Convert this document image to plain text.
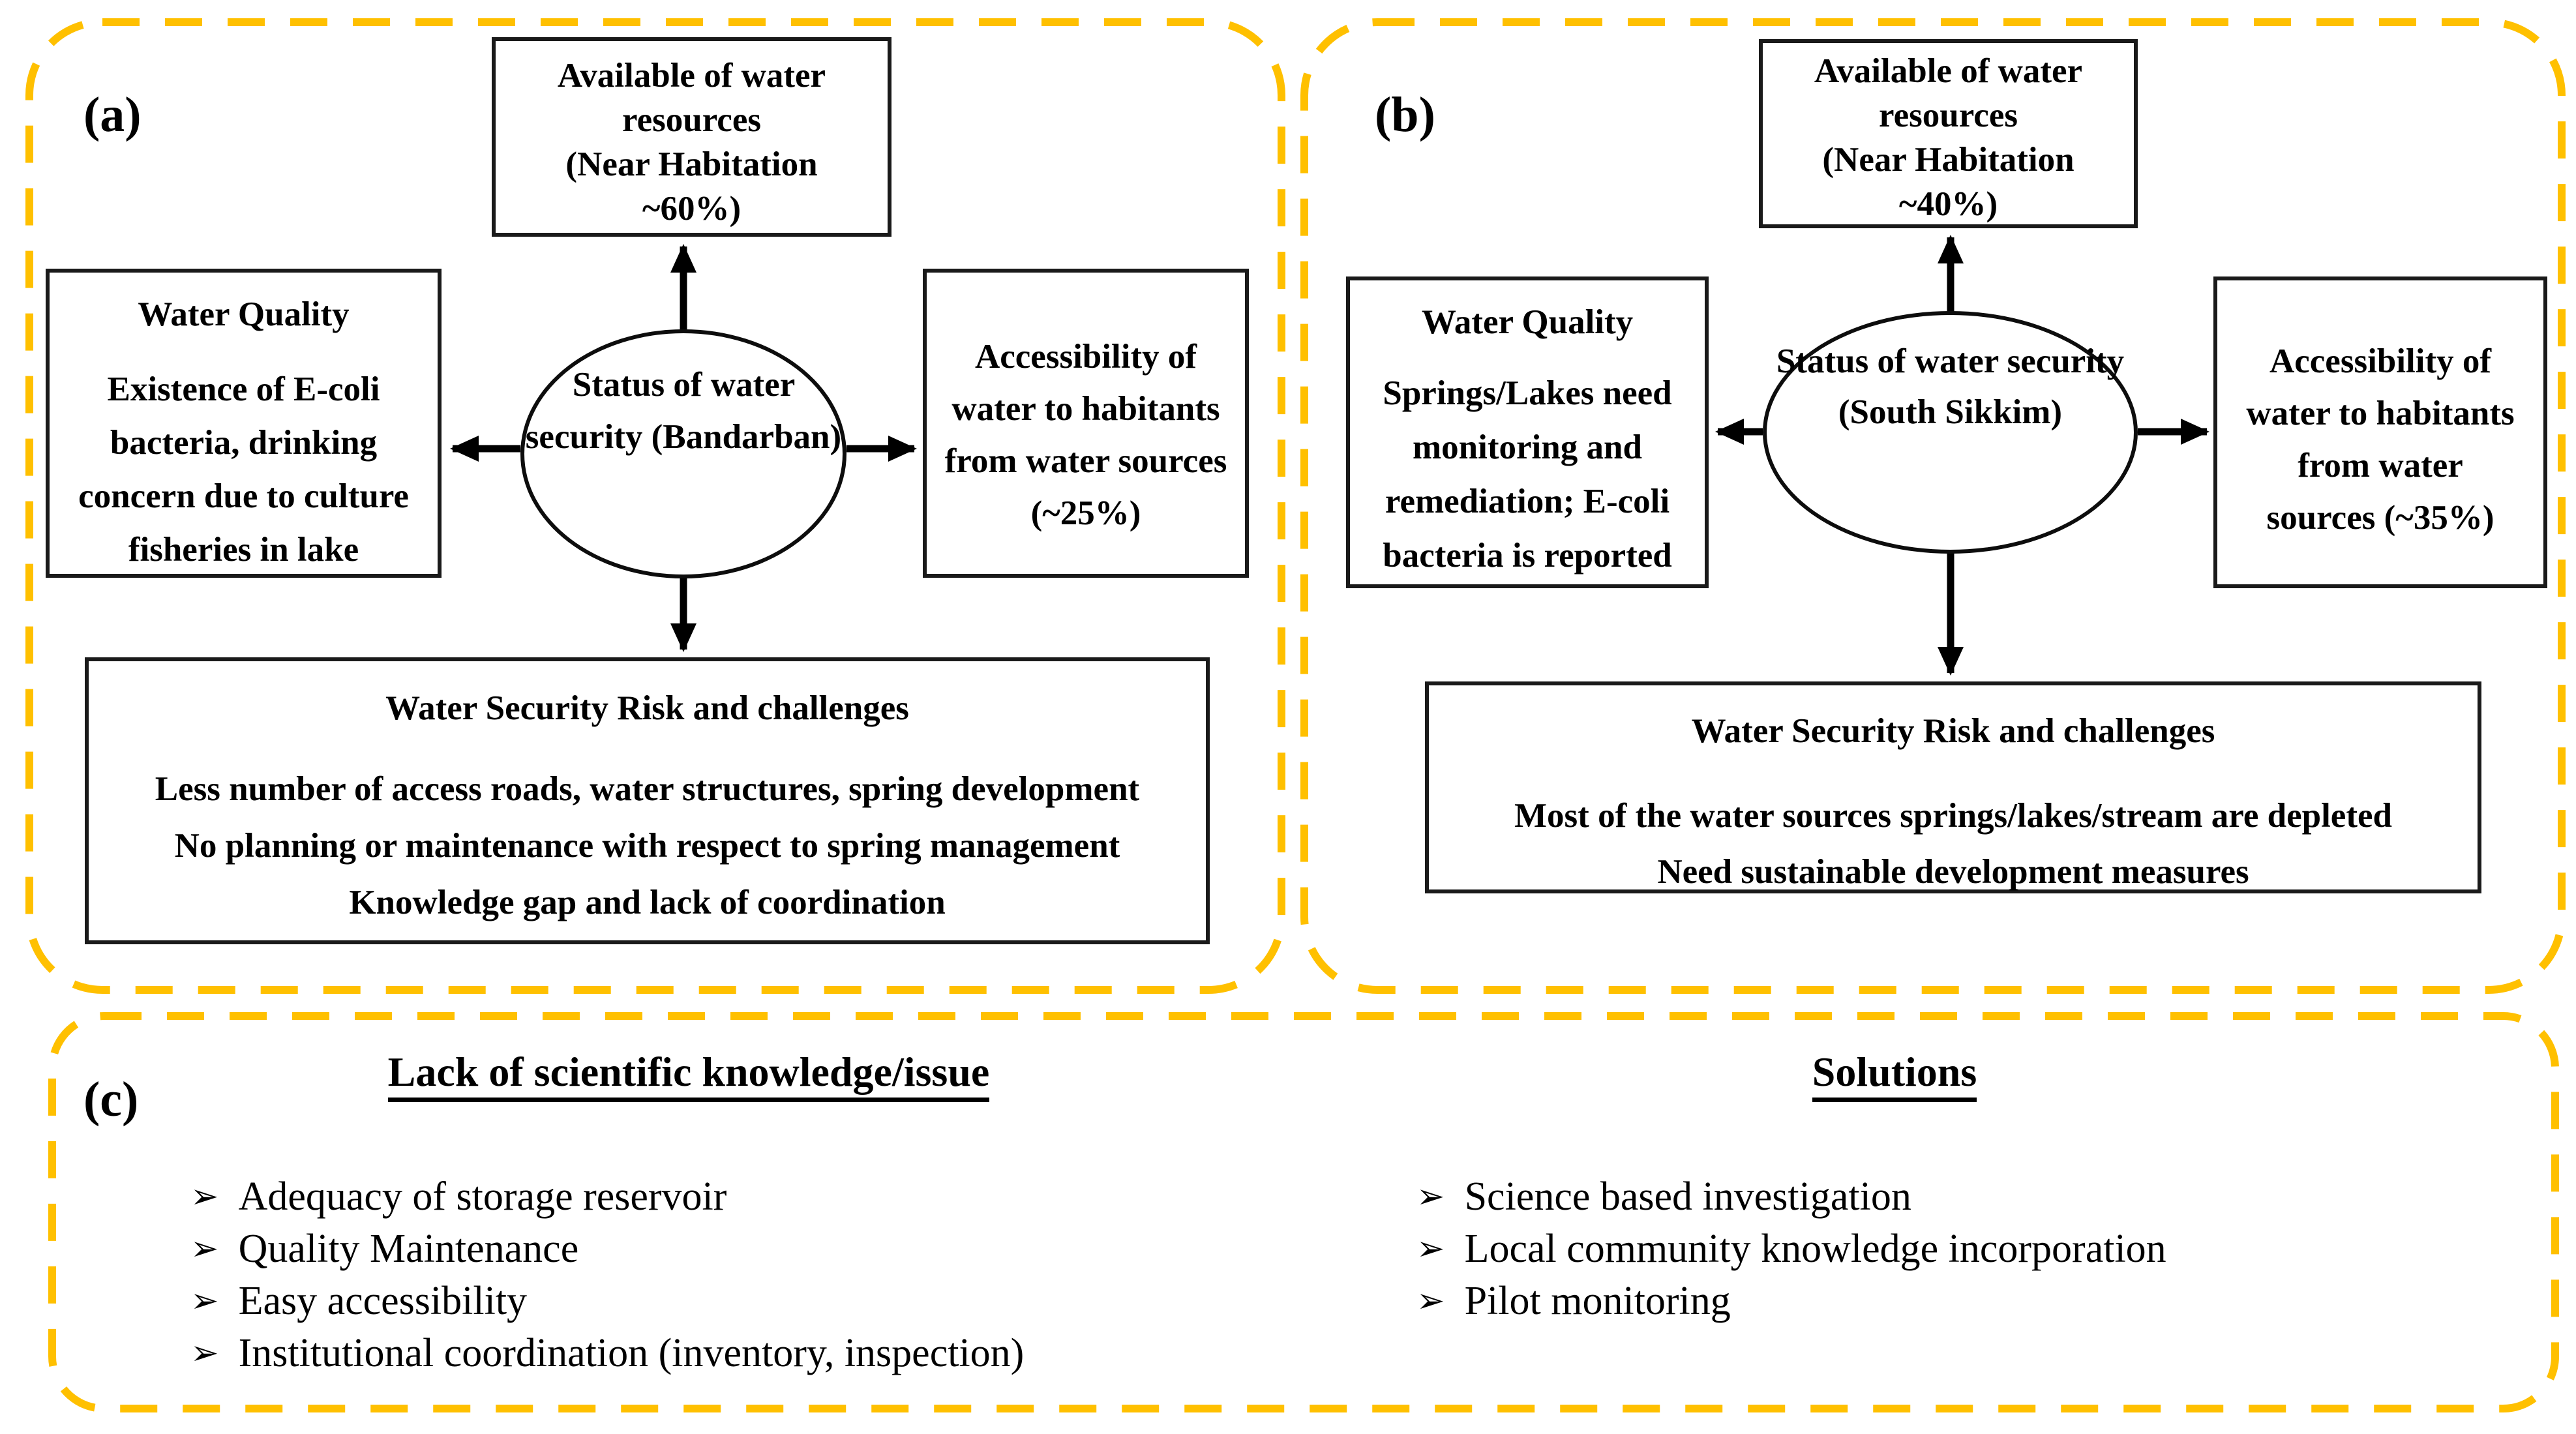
(a)
Available of water
resources
(Near Habitation
~60%)
Water Quality
Existence of E-coli
bacteria, drinking
concern due to culture
fisheries in lake
Status of water security (Bandarban)
Accessibility of
water to habitants
from water sources
(~25%)
Water Security Risk and challenges
Less number of access roads, water structures, spring development
No planning or maintenance with respect to spring management
Knowledge gap and lack of coordination
(b)
Available of water
resources
(Near Habitation
~40%)
Water Quality
Springs/Lakes need
monitoring and
remediation; E-coli
bacteria is reported
Status of water security (South Sikkim)
Accessibility of
water to habitants
from water
sources (~35%)
Water Security Risk and challenges
Most of the water sources springs/lakes/stream are depleted
Need sustainable development measures
(c)
Lack of scientific knowledge/issue
➢ Adequacy of storage reservoir
➢ Quality Maintenance
➢ Easy accessibility
➢ Institutional coordination (inventory, inspection)
Solutions
➢ Science based investigation
➢ Local community knowledge incorporation
➢ Pilot monitoring
